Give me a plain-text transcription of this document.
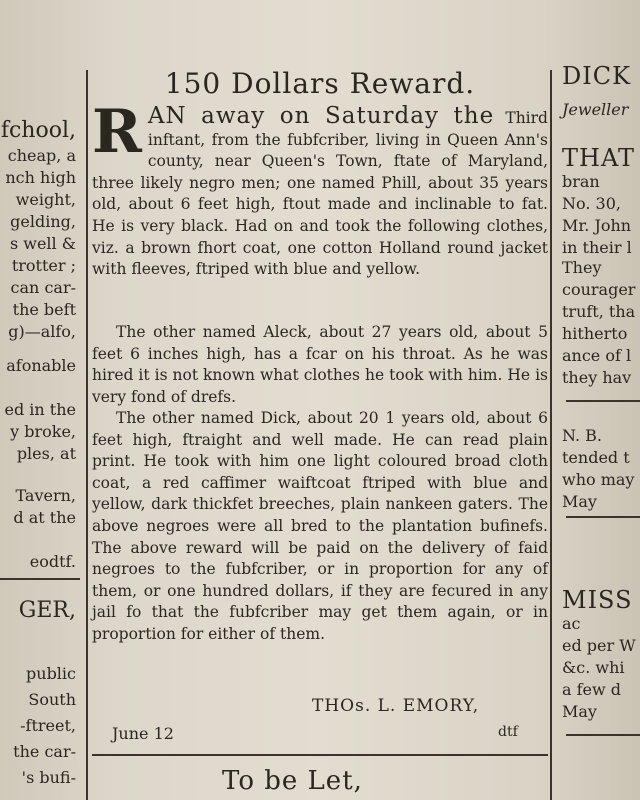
fchool,
cheap, a
nch high
weight,
gelding,
s well &
trotter ;
can car-
the beft
g)—alfo,
afonable
ed in the
y broke,
ples, at
Tavern,
d at the
eodtf.
GER,
public
South
-ftreet,
the car-
's bufi-
150 Dollars Reward.
R AN away on Saturday the Third inftant, from the fubfcriber, living in Queen Ann's county, near Queen's Town, ftate of Maryland, three likely negro men; one named Phill, about 35 years old, about 6 feet high, ftout made and inclinable to fat. He is very black. Had on and took the following clothes, viz. a brown fhort coat, one cotton Holland round jacket with fleeves, ftriped with blue and yellow.
The other named Aleck, about 27 years old, about 5 feet 6 inches high, has a fcar on his throat. As he was hired it is not known what clothes he took with him. He is very fond of drefs.
The other named Dick, about 20 1 years old, about 6 feet high, ftraight and well made. He can read plain print. He took with him one light coloured broad cloth coat, a red caffimer waiftcoat ftriped with blue and yellow, dark thickfet breeches, plain nankeen gaters. The above negroes were all bred to the plantation bufinefs. The above reward will be paid on the delivery of faid negroes to the fubfcriber, or in proportion for any of them, or one hundred dollars, if they are fecured in any jail fo that the fubfcriber may get them again, or in proportion for either of them.
THOs. L. EMORY,
June 12	dtf
To be Let,
DICK
Jeweller
THAT
bran
No. 30,
Mr. John
in their l
They
courager
truft, tha
hitherto
ance of l
they hav
N. B.
tended t
who may
May
MISS
ac
ed per W
&c. whi
a few d
May
